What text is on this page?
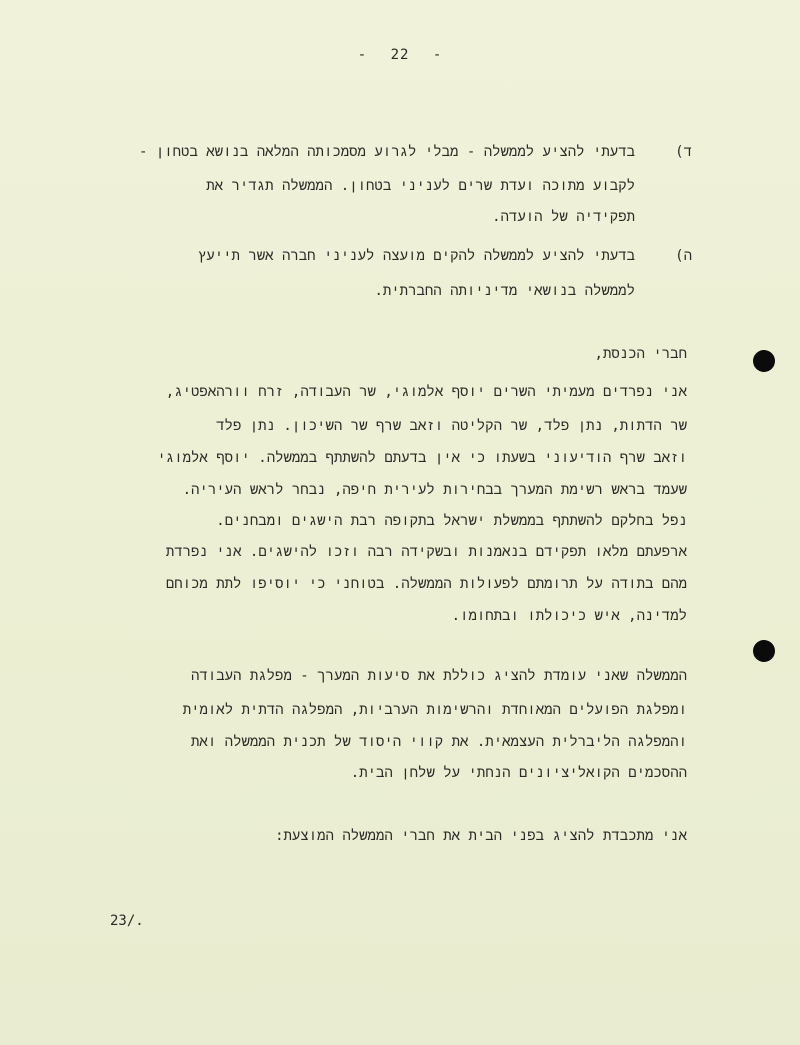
- 22 -
ד)
בדעתי להציע לממשלה - מבלי לגרוע מסמכותה המלאה בנושא בטחון -
לקבוע מתוכה ועדת שרים לעניני בטחון. הממשלה תגדיר את
תפקידיה של הועדה.
ה)
בדעתי להציע לממשלה להקים מועצה לעניני חברה אשר תייעץ
לממשלה בנושאי מדיניותה החברתית.
חברי הכנסת,
אני נפרדים מעמיתי השרים יוסף אלמוגי, שר העבודה, זרח וורהאפטיג,
שר הדתות, נתן פלד, שר הקליטה וזאב שרף שר השיכון. נתן פלד
וזאב שרף הודיעוני בשעתו כי אין בדעתם להשתתף בממשלה. יוסף אלמוגי
שעמד בראש רשימת המערך בבחירות לעירית חיפה, נבחר לראש העיריה.
נפל בחלקם להשתתף בממשלת ישראל בתקופה רבת הישגים ומבחנים.
ארפעתם מלאו תפקידם בנאמנות ובשקידה רבה וזכו להישגים. אני נפרדת
מהם בתודה על תרומתם לפעולות הממשלה. בטוחני כי יוסיפו לתת מכוחם
למדינה, איש כיכולתו ובתחומו.
הממשלה שאני עומדת להציג כוללת את סיעות המערך - מפלגת העבודה
ומפלגת הפועלים המאוחדת והרשימות הערביות, המפלגה הדתית לאומית
והמפלגה הליברלית העצמאית. את קווי היסוד של תכנית הממשלה ואת
ההסכמים הקואליציונים הנחתי על שלחן הבית.
אני מתכבדת להציג בפני הבית את חברי הממשלה המוצעת:
23/.
